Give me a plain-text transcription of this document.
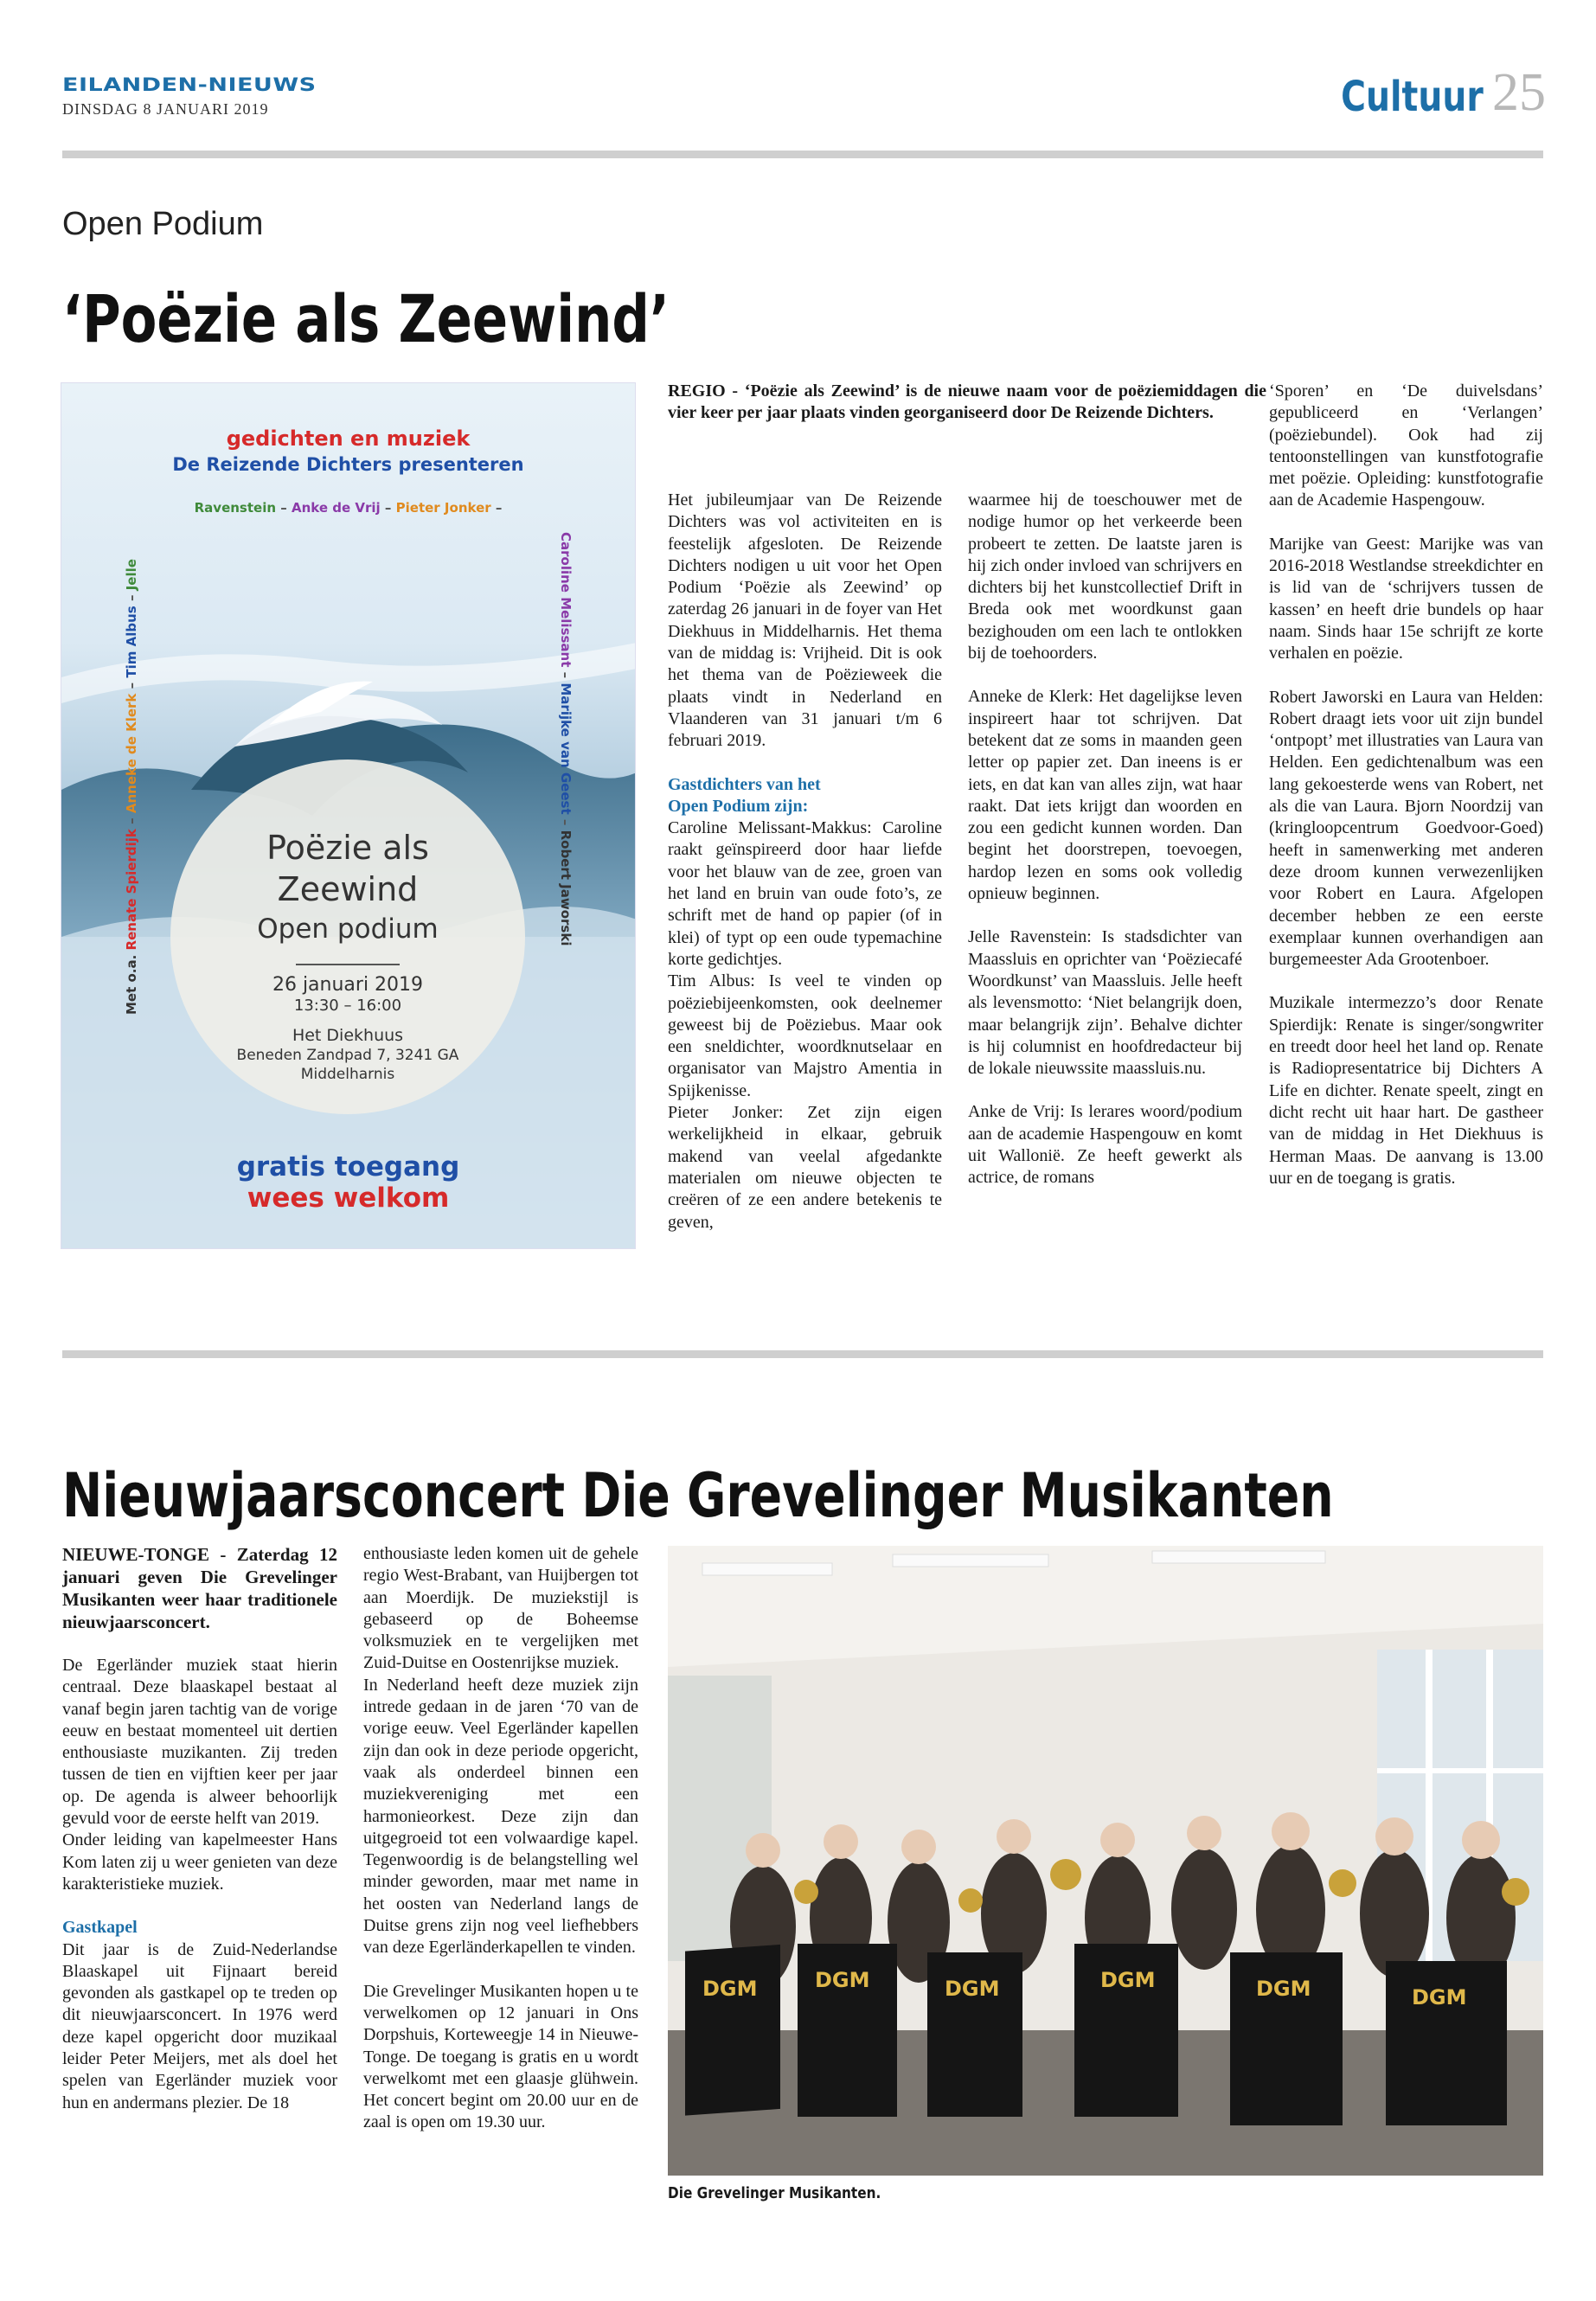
EILANDEN-NIEUWS
DINSDAG 8 JANUARI 2019	Cultuur 25
Open Podium
‘Poëzie als Zeewind’
gedichten en muziek
De Reizende Dichters presenteren
Ravenstein – Anke de Vrij – Pieter Jonker –
Met o.a. Renate Spierdijk – Anneke de Klerk – Tim Albus – Jelle	Caroline Melissant – Marijke van Geest – Robert Jaworski
Poëzie als
Zeewind
Open podium
26 januari 2019
13:30 – 16:00
Het Diekhuus
Beneden Zandpad 7, 3241 GA
Middelharnis
gratis toegang
wees welkom
REGIO - ‘Poëzie als Zeewind’ is de nieuwe naam voor de poëziemiddagen die vier keer per jaar plaats vinden georganiseerd door De Reizende Dichters.

Het jubileumjaar van De Reizende Dichters was vol activiteiten en is feestelijk afgesloten. De Reizende Dichters nodigen u uit voor het Open Podium ‘Poëzie als Zeewind’ op zaterdag 26 januari in de foyer van Het Diekhuus in Middelharnis. Het thema van de middag is: Vrijheid. Dit is ook het thema van de Poëzieweek die plaats vindt in Nederland en Vlaanderen van 31 januari t/m 6 februari 2019.

Gastdichters van het

Open Podium zijn:

Caroline Melissant-Makkus: Caroline raakt geïnspireerd door haar liefde voor het blauw van de zee, groen van het land en bruin van oude foto’s, ze schrift met de hand op papier (of in klei) of typt op een oude typemachine korte gedichtjes.

Tim Albus: Is veel te vinden op poëziebijeenkomsten, ook deelnemer geweest bij de Poëziebus. Maar ook een sneldichter, woordknutselaar en organisator van Majstro Amentia in Spijkenisse.

Pieter Jonker: Zet zijn eigen werkelijkheid in elkaar, gebruik makend van veelal afgedankte materialen om nieuwe objecten te creëren of ze een andere betekenis te geven,

waarmee hij de toeschouwer met de nodige humor op het verkeerde been probeert te zetten. De laatste jaren is hij zich onder invloed van schrijvers en dichters bij het kunstcollectief Drift in Breda ook met woordkunst gaan bezighouden om een lach te ontlokken bij de toehoorders.

Anneke de Klerk: Het dagelijkse leven inspireert haar tot schrijven. Dat betekent dat ze soms in maanden geen letter op papier zet. Dan ineens is er iets, en dat kan van alles zijn, wat haar raakt. Dat iets krijgt dan woorden en zou een gedicht kunnen worden. Dan begint het doorstrepen, toevoegen, hardop lezen en soms ook volledig opnieuw beginnen.

Jelle Ravenstein: Is stadsdichter van Maassluis en oprichter van ‘Poëziecafé Woordkunst’ van Maassluis. Jelle heeft als levensmotto: ‘Niet belangrijk doen, maar belangrijk zijn’. Behalve dichter is hij columnist en hoofdredacteur bij de lokale nieuwssite maassluis.nu.

Anke de Vrij: Is lerares woord/podium aan de academie Haspengouw en komt uit Wallonië. Ze heeft gewerkt als actrice, de romans

‘Sporen’ en ‘De duivelsdans’ gepubliceerd en ‘Verlangen’ (poëziebundel). Ook had zij tentoonstellingen van kunstfotografie met poëzie. Opleiding: kunstfotografie aan de Academie Haspengouw.

Marijke van Geest: Marijke was van 2016-2018 Westlandse streekdichter en is lid van de ‘schrijvers tussen de kassen’ en heeft drie bundels op haar naam. Sinds haar 15e schrijft ze korte verhalen en poëzie.

Robert Jaworski en Laura van Helden: Robert draagt iets voor uit zijn bundel ‘ontpopt’ met illustraties van Laura van Helden. Een gedichtenalbum was een lang gekoesterde wens van Robert, net als die van Laura. Bjorn Noordzij van (kringloopcentrum Goedvoor-Goed) heeft in samenwerking met anderen deze droom kunnen verwezenlijken voor Robert en Laura. Afgelopen december hebben ze een eerste exemplaar kunnen overhandigen aan burgemeester Ada Grootenboer.

Muzikale intermezzo’s door Renate Spierdijk: Renate is singer/songwriter en treedt door heel het land op. Renate is Radiopresentatrice bij Dichters A Life en dichter. Renate speelt, zingt en dicht recht uit haar hart. De gastheer van de middag in Het Diekhuus is Herman Maas. De aanvang is 13.00 uur en de toegang is gratis.

Nieuwjaarsconcert Die Grevelinger Musikanten

NIEUWE-TONGE - Zaterdag 12 januari geven Die Grevelinger Musikanten weer haar traditionele nieuwjaarsconcert.

De Egerländer muziek staat hierin centraal. Deze blaaskapel bestaat al vanaf begin jaren tachtig van de vorige eeuw en bestaat momenteel uit dertien enthousiaste muzikanten. Zij treden tussen de tien en vijftien keer per jaar op. De agenda is alweer behoorlijk gevuld voor de eerste helft van 2019.

Onder leiding van kapelmeester Hans Kom laten zij u weer genieten van deze karakteristieke muziek.

Gastkapel

Dit jaar is de Zuid-Nederlandse Blaaskapel uit Fijnaart bereid gevonden als gastkapel op te treden op dit nieuwjaarsconcert. In 1976 werd deze kapel opgericht door muzikaal leider Peter Meijers, met als doel het spelen van Egerländer muziek voor hun en andermans plezier. De 18

enthousiaste leden komen uit de gehele regio West-Brabant, van Huijbergen tot aan Moerdijk. De muziekstijl is gebaseerd op de Boheemse volksmuziek en te vergelijken met Zuid-Duitse en Oostenrijkse muziek.

In Nederland heeft deze muziek zijn intrede gedaan in de jaren ‘70 van de vorige eeuw. Veel Egerländer kapellen zijn dan ook in deze periode opgericht, vaak als onderdeel binnen een muziekvereniging met een harmonieorkest. Deze zijn dan uitgegroeid tot een volwaardige kapel. Tegenwoordig is de belangstelling wel minder geworden, maar met name in het oosten van Nederland langs de Duitse grens zijn nog veel liefhebbers van deze Egerländerkapellen te vinden.

Die Grevelinger Musikanten hopen u te verwelkomen op 12 januari in Ons Dorpshuis, Korteweegje 14 in Nieuwe-Tonge. De toegang is gratis en u wordt verwelkomt met een glaasje glühwein. Het concert begint om 20.00 uur en de zaal is open om 19.30 uur.

DGM	DGM	DGM	DGM	DGM	DGM
Die Grevelinger Musikanten.
